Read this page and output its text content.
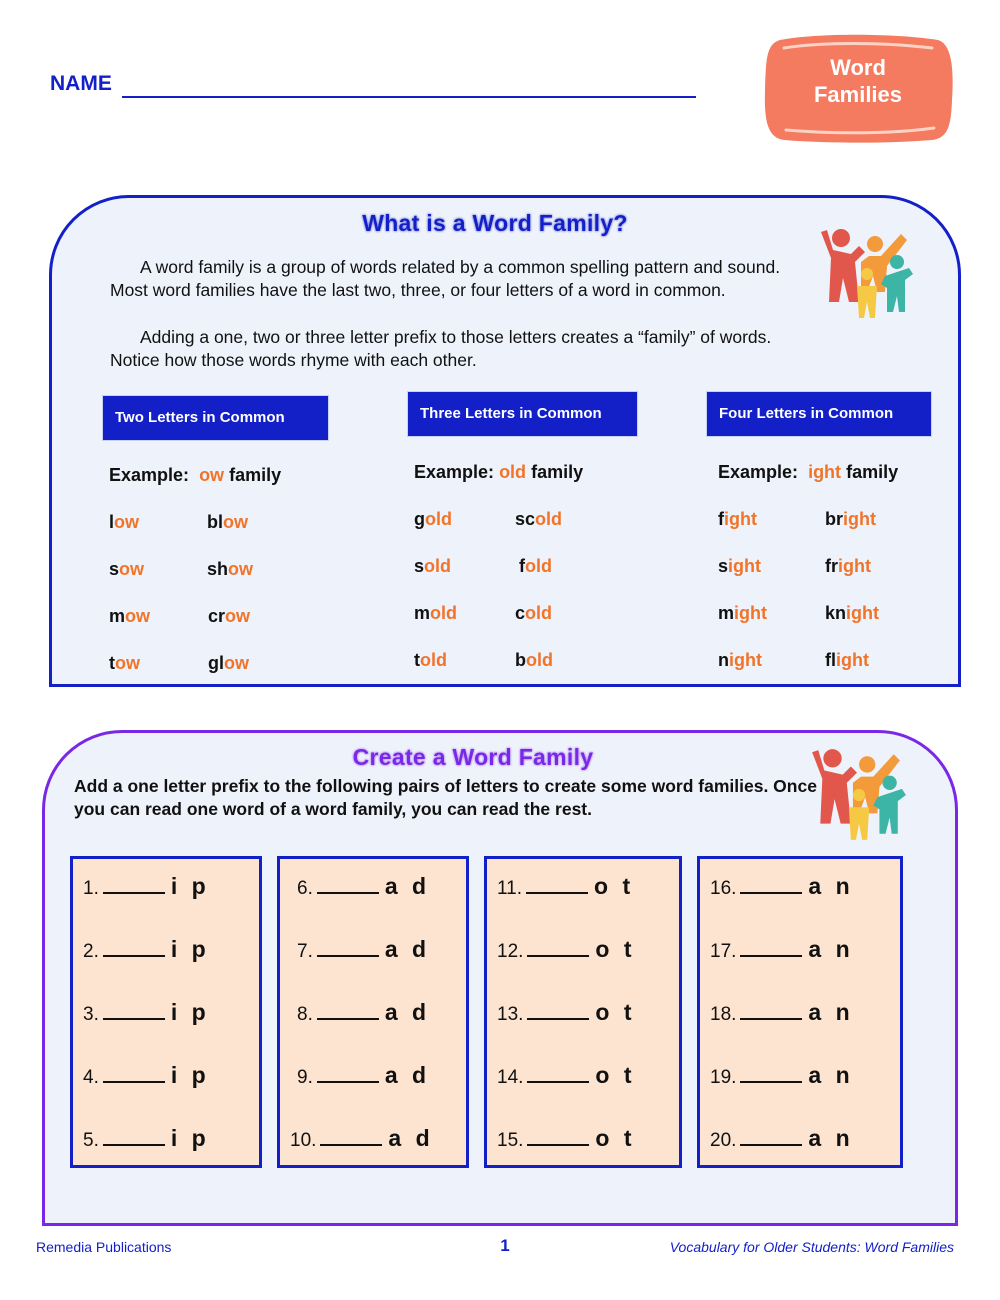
NAME
Word
Families
What is a Word Family?
A word family is a group of words related by a common spelling pattern and sound. Most word families have the last two, three, or four letters of a word in common.
Adding a one, two or three letter prefix to those letters creates a “family” of words. Notice how those words rhyme with each other.
Two Letters in Common	Three Letters in Common	Four Letters in Common
Example: ow family	Example: old family	Example: ight family
low	blow
sow	show
mow	crow
tow	glow
gold	scold
sold	fold
mold	cold
told	bold
fight	bright
sight	fright
might	knight
night	flight
Create a Word Family
Add a one letter prefix to the following pairs of letters to create some word families. Once you can read one word of a word family, you can read the rest.
1.	i p
2.	i p
3.	i p
4.	i p
5.	i p
6.	a d
7.	a d
8.	a d
9.	a d
10.	a d
11.	o t
12.	o t
13.	o t
14.	o t
15.	o t
16.	a n
17.	a n
18.	a n
19.	a n
20.	a n
Remedia Publications	1	Vocabulary for Older Students: Word Families
